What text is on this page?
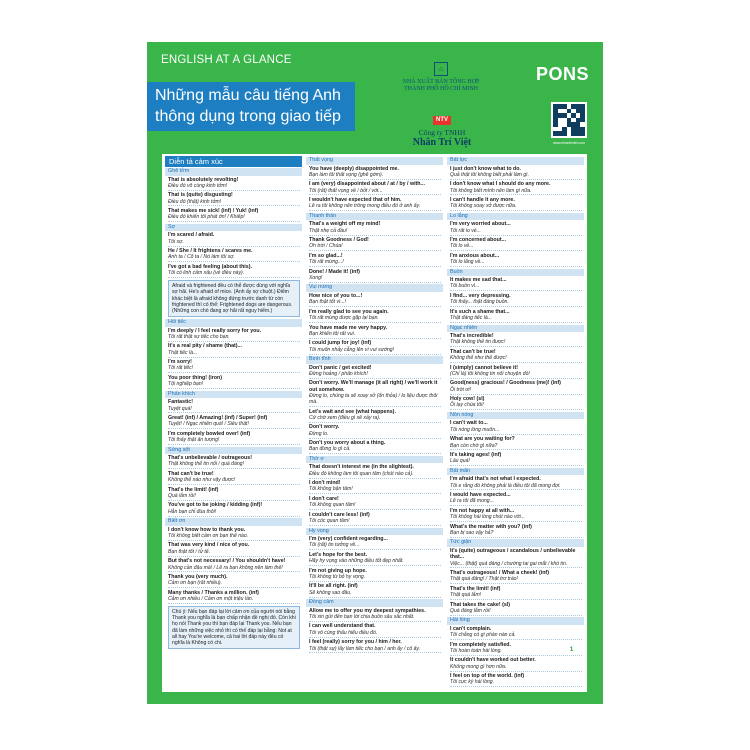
ENGLISH AT A GLANCE
Những mẫu câu tiếng Anh thông dụng trong giao tiếp
⌂
NHÀ XUẤT BẢN TỔNG HỢP
THÀNH PHỐ HỒ CHÍ MINH
NTV
Công ty TNHH
Nhân Trí Việt
PONS
www.nhantriviet.com
Diễn tả cảm xúc
Ghê tởm
That is absolutely revolting!
Điều đó vô cùng kinh tởm!
That is (quite) disgusting!
Điều đó (thật) kinh tởm!
That makes me sick! (inf) / Yuk! (inf)
Điều đó khiến tôi phát ớn! / Khiếp!
Sợ
I'm scared / afraid.
Tôi sợ.
He / She / It frightens / scares me.
Anh ta / Cô ta / Nó làm tôi sợ.
I've got a bad feeling (about this).
Tôi có linh cảm xấu (về điều này).
Afraid và frightened đều có thể được dùng với nghĩa sợ hãi. He's afraid of mice. (Anh ấy sợ chuột.) Điểm khác biệt là afraid không đứng trước danh từ còn frightened thì có thể: Frightened dogs are dangerous. (Những con chó đang sợ hãi rất nguy hiểm.)
Hối tiếc
I'm deeply / I feel really sorry for you.
Tôi rất thật sự tiếc cho bạn.
It's a real pity / shame (that)...
Thật tiếc là...
I'm sorry!
Tôi rất tiếc!
You poor thing! (iron)
Tội nghiệp bạn!
Phấn khích
Fantastic!
Tuyệt quá!
Great! (inf) / Amazing! (inf) / Super! (inf)
Tuyệt! / Ngạc nhiên quá! / Siêu thật!
I'm completely bowled over! (inf)
Tôi thấy thật ấn tượng!
Sửng sốt
That's unbelievable / outrageous!
Thật không thể tin nổi / quá đáng!
That can't be true!
Không thể nào như vậy được!
That's the limit! (inf)
Quá lắm rồi!
You've got to be joking / kidding (inf)!
Hẳn bạn chỉ đùa thôi!
Biết ơn
I don't know how to thank you.
Tôi không biết cảm ơn bạn thế nào.
That was very kind / nice of you.
Bạn thật tốt / tử tế.
But that's not necessary! / You shouldn't have!
Không cần đâu mà! / Lẽ ra bạn không nên làm thế!
Thank you (very much).
Cảm ơn bạn (rất nhiều).
Many thanks / Thanks a million. (inf)
Cảm ơn nhiều / Cảm ơn một triệu lần.
Chú ý: Nếu bạn đáp lại lời cảm ơn của người nói bằng Thank you nghĩa là bạn chấp nhận đề nghị đó. Còn khi họ nói Thank you thì bạn đáp lại Thank you. Nếu bạn đã làm những việc nhỏ thì có thể đáp lại bằng: Not at all hay You're welcome, cả hai lời đáp này đều có nghĩa là Không có chi.
Thất vọng
You have (deeply) disappointed me.
Bạn làm tôi thất vọng (ghê gớm).
I am (very) disappointed about / at / by / with...
Tôi (rất) thất vọng về / bởi / với...
I wouldn't have expected that of him.
Lẽ ra tôi không nên trông mong điều đó ở anh ấy.
Thanh thản
That's a weight off my mind!
Thật nhẹ cả đầu!
Thank Goodness / God!
Ơn trời / Chúa!
I'm so glad...!
Tôi rất mừng...!
Done! / Made it! (inf)
Xong!
Vui mừng
How nice of you to...!
Bạn thật tốt vì...!
I'm really glad to see you again.
Tôi rất mừng được gặp lại bạn.
You have made me very happy.
Bạn khiến tôi rất vui.
I could jump for joy! (inf)
Tôi muốn nhảy cẫng lên vì vui sướng!
Bình tĩnh
Don't panic / get excited!
Đừng hoảng / phấn khích!
Don't worry. We'll manage (it all right) / we'll work it out somehow.
Đừng lo, chúng ta sẽ xoay xở (ổn thỏa) / lo liệu được thôi mà.
Let's wait and see (what happens).
Cứ chờ xem (điều gì sẽ xảy ra).
Don't worry.
Đừng lo.
Don't you worry about a thing.
Bạn đừng lo gì cả.
Thờ ơ
That doesn't interest me (in the slightest).
Điều đó không làm tôi quan tâm (chút nào cả).
I don't mind!
Tôi không bận tâm!
I don't care!
Tôi không quan tâm!
I couldn't care less! (inf)
Tôi cóc quan tâm!
Hy vọng
I'm (very) confident regarding...
Tôi (rất) tin tưởng về...
Let's hope for the best.
Hãy hy vọng vào những điều tốt đẹp nhất.
I'm not giving up hope.
Tôi không từ bỏ hy vọng.
It'll be all right. (inf)
Sẽ không sao đâu.
Đồng cảm
Allow me to offer you my deepest sympathies.
Tôi xin gửi đến bạn lời chia buồn sâu sắc nhất.
I can well understand that.
Tôi vô cùng thấu hiểu điều đó.
I feel (really) sorry for you / him / her.
Tôi (thật sự) lấy làm tiếc cho bạn / anh ấy / cô ấy.
Bất lực
I just don't know what to do.
Quả thật tôi không biết phải làm gì.
I don't know what I should do any more.
Tôi không biết mình nên làm gì nữa.
I can't handle it any more.
Tôi không xoay xở được nữa.
Lo lắng
I'm very worried about...
Tôi rất lo về...
I'm concerned about...
Tôi lo về...
I'm anxious about...
Tôi lo lắng về...
Buồn
It makes me sad that...
Tôi buồn vì...
I find... very depressing.
Tôi thấy... thật đáng buồn.
It's such a shame that...
Thật đáng tiếc là...
Ngạc nhiên
That's incredible!
Thật không thể tin được!
That can't be true!
Không thể như thế được!
I (simply) cannot believe it!
(Chỉ là) tôi không tin nổi chuyện đó!
Good(ness) gracious! / Goodness (me)! (inf)
Ôi trời ơi!
Holy cow! (sl)
Ôi lạy chúa tôi!
Nôn nóng
I can't wait to...
Tôi nóng lòng muốn...
What are you waiting for?
Bạn còn chờ gì nữa?
It's taking ages! (inf)
Lâu quá!
Bất mãn
I'm afraid that's not what I expected.
Tôi e rằng đó không phải là điều tôi đã mong đợi.
I would have expected...
Lẽ ra tôi đã mong...
I'm not happy at all with...
Tôi không hài lòng chút nào với...
What's the matter with you? (inf)
Bạn bị sao vậy hả?
Tức giận
It's (quite) outrageous / scandalous / unbelievable that...
Việc... (thật) quá đáng / chướng tai gai mắt / khó tin.
That's outrageous! / What a cheek! (inf)
Thật quá đáng! / Thật trơ tráo!
That's the limit! (inf)
Thật quá lắm!
That takes the cake! (sl)
Quá đáng lắm rồi!
Hài lòng
I can't complain.
Tôi chẳng có gì phàn nàn cả.
I'm completely satisfied.
Tôi hoàn toàn hài lòng.
It couldn't have worked out better.
Không mong gì hơn nữa.
I feel on top of the world. (inf)
Tôi cực kỳ hài lòng.
1
